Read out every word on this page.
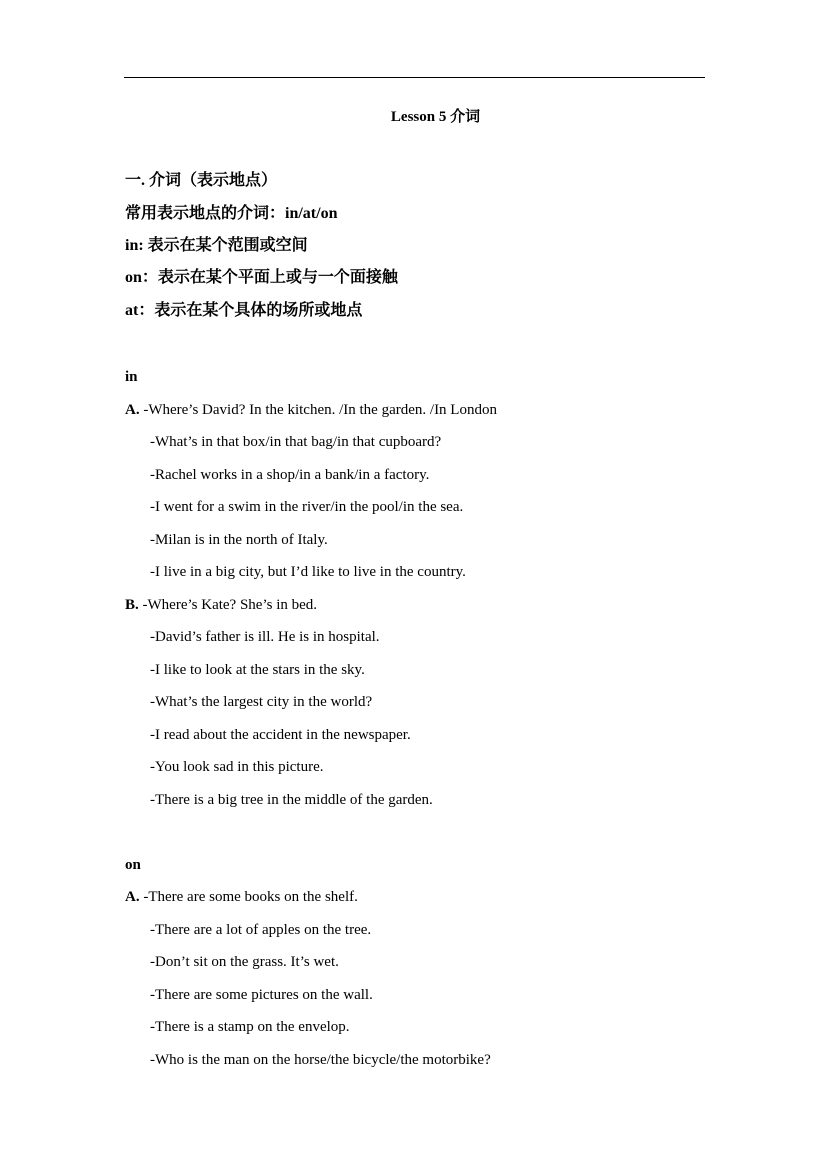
Lesson 5 介词
一. 介词（表示地点）
常用表示地点的介词：in/at/on
in: 表示在某个范围或空间
on：表示在某个平面上或与一个面接触
at：表示在某个具体的场所或地点
in
A. -Where’s David? In the kitchen. /In the garden. /In London
-What’s in that box/in that bag/in that cupboard?
-Rachel works in a shop/in a bank/in a factory.
-I went for a swim in the river/in the pool/in the sea.
-Milan is in the north of Italy.
-I live in a big city, but I’d like to live in the country.
B. -Where’s Kate? She’s in bed.
-David’s father is ill. He is in hospital.
-I like to look at the stars in the sky.
-What’s the largest city in the world?
-I read about the accident in the newspaper.
-You look sad in this picture.
-There is a big tree in the middle of the garden.
on
A. -There are some books on the shelf.
-There are a lot of apples on the tree.
-Don’t sit on the grass. It’s wet.
-There are some pictures on the wall.
-There is a stamp on the envelop.
-Who is the man on the horse/the bicycle/the motorbike?
